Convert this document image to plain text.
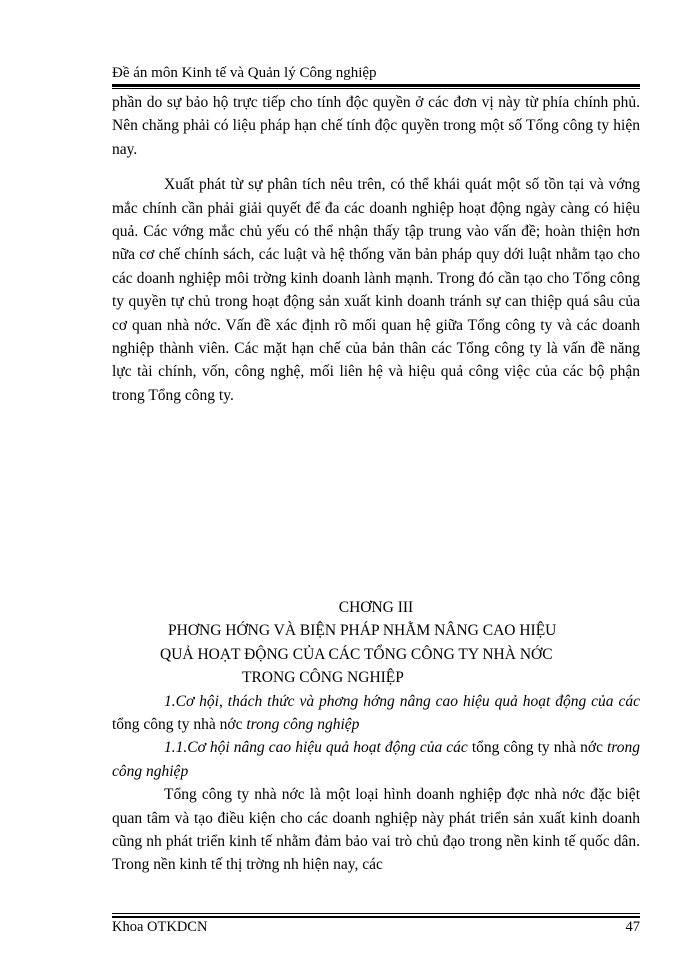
Đề án môn Kinh tế và Quản lý Công nghiệp

phần do sự bảo hộ trực tiếp cho tính độc quyền ở các đơn vị này từ phía chính phủ. Nên chăng phải có liệu pháp hạn chế tính độc quyền trong một số Tổng công ty hiện nay.

Xuất phát từ sự phân tích nêu trên, có thể khái quát một số tồn tại và vớng mắc chính cần phải giải quyết để đa các doanh nghiệp hoạt động ngày càng có hiệu quả. Các vớng mắc chủ yếu có thể nhận thấy tập trung vào vấn đề; hoàn thiện hơn nữa cơ chế chính sách, các luật và hệ thống văn bản pháp quy dới luật nhằm tạo cho các doanh nghiệp môi trờng kinh doanh lành mạnh. Trong đó cần tạo cho Tổng công ty quyền tự chủ trong hoạt động sản xuất kinh doanh tránh sự can thiệp quá sâu của cơ quan nhà nớc. Vấn đề xác định rõ mối quan hệ giữa Tổng công ty và các doanh nghiệp thành viên. Các mặt hạn chế của bản thân các Tổng công ty là vấn đề năng lực tài chính, vốn, công nghệ, mối liên hệ và hiệu quả công việc của các bộ phận trong Tổng công ty.

CHƠNG III

PHƠNG HỚNG VÀ BIỆN PHÁP NHẰM NÂNG CAO HIỆU

QUẢ HOẠT ĐỘNG CỦA CÁC TỔNG CÔNG TY NHÀ NỚC

TRONG CÔNG NGHIỆP

1.Cơ hội, thách thức và phơng hớng nâng cao hiệu quả hoạt động của các tổng công ty nhà nớc trong công nghiệp

1.1.Cơ hội nâng cao hiệu quả hoạt động của các tổng công ty nhà nớc trong công nghiệp

Tổng công ty nhà nớc là một loại hình doanh nghiệp đợc nhà nớc đặc biệt quan tâm và tạo điều kiện cho các doanh nghiệp này phát triển sản xuất kinh doanh cũng nh phát triển kinh tế nhằm đảm bảo vai trò chủ đạo trong nền kinh tế quốc dân. Trong nền kinh tế thị trờng nh hiện nay, các

Khoa OTKDCN	47
